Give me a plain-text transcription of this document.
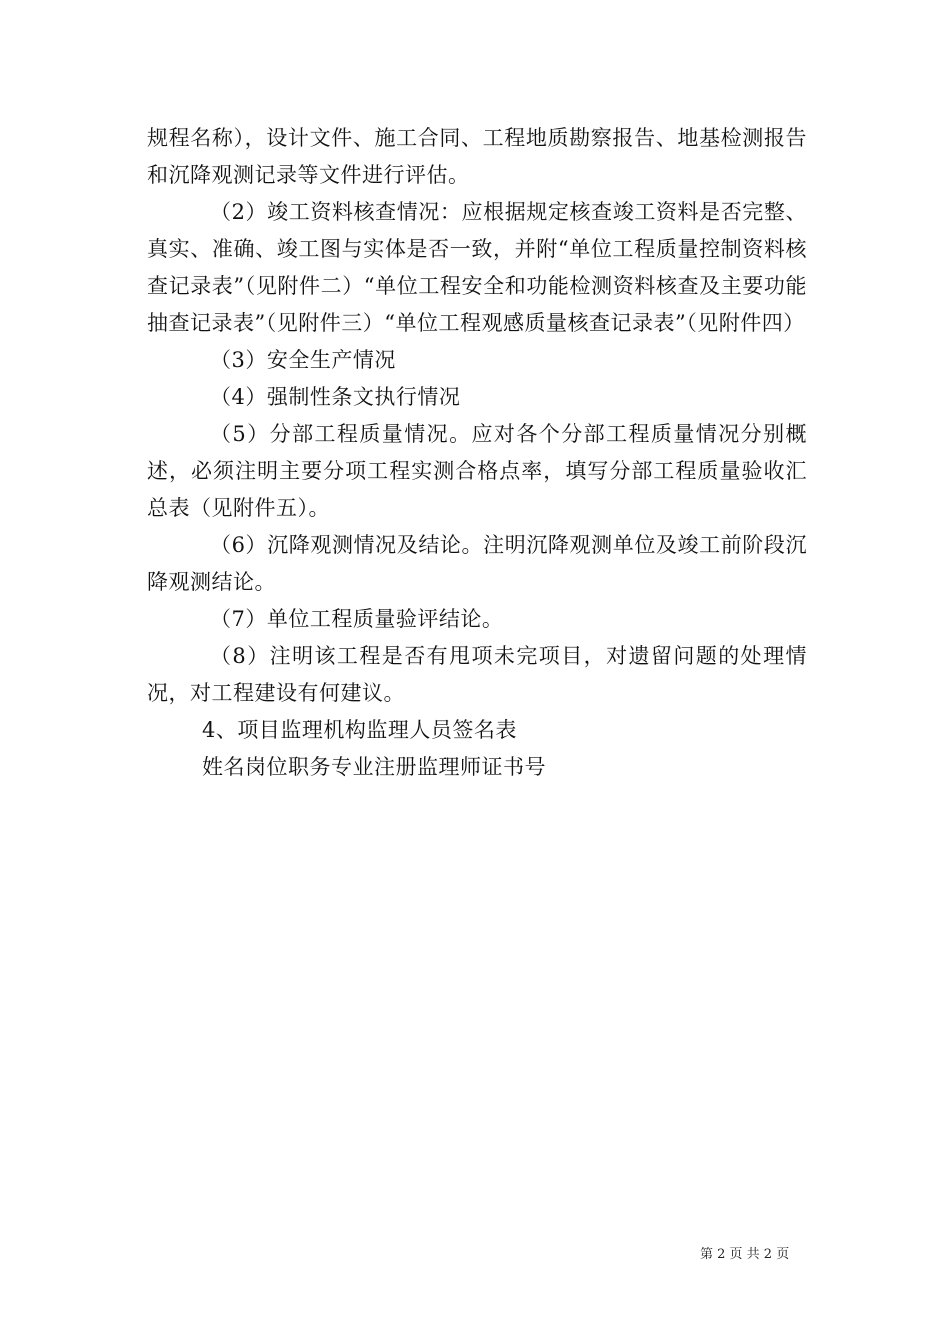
规程名称），设计文件、施工合同、工程地质勘察报告、地基检测报告和沉降观测记录等文件进行评估。

（2）竣工资料核查情况：应根据规定核查竣工资料是否完整、真实、准确、竣工图与实体是否一致，并附“单位工程质量控制资料核查记录表”（见附件二）“单位工程安全和功能检测资料核查及主要功能抽查记录表”（见附件三）“单位工程观感质量核查记录表”（见附件四）

（3）安全生产情况

（4）强制性条文执行情况

（5）分部工程质量情况。应对各个分部工程质量情况分别概述，必须注明主要分项工程实测合格点率，填写分部工程质量验收汇总表（见附件五）。

（6）沉降观测情况及结论。注明沉降观测单位及竣工前阶段沉降观测结论。

（7）单位工程质量验评结论。

（8）注明该工程是否有甩项未完项目，对遗留问题的处理情况，对工程建设有何建议。

4、项目监理机构监理人员签名表

姓名岗位职务专业注册监理师证书号

第 2 页 共 2 页
